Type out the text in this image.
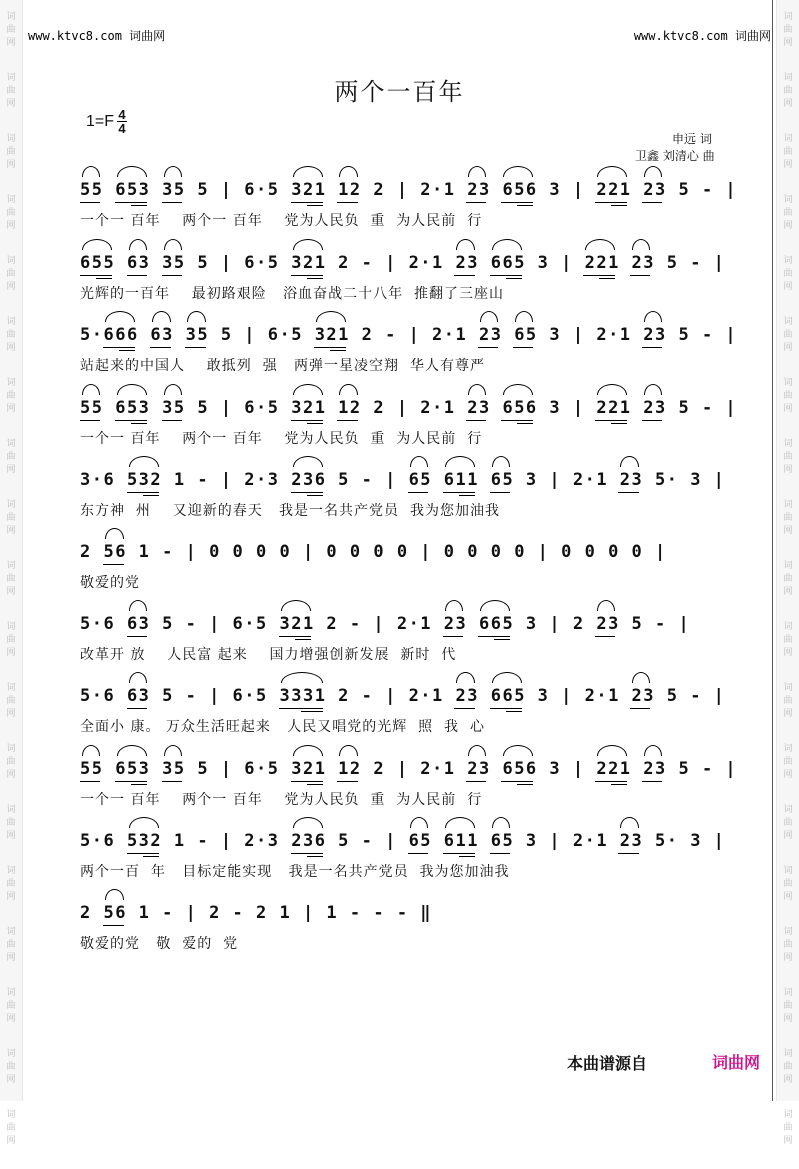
词
曲
网
词
曲
网
词
曲
网
词
曲
网
词
曲
网
词
曲
网
词
曲
网
词
曲
网
词
曲
网
词
曲
网
词
曲
网
词
曲
网
词
曲
网
词
曲
网
词
曲
网
词
曲
网
词
曲
网
词
曲
网
词
曲
网
词
曲
网
词
曲
网
词
曲
网
词
曲
网
词
曲
网
词
曲
网
词
曲
网
词
曲
网
词
曲
网
词
曲
网
词
曲
网
词
曲
网
词
曲
网
词
曲
网
词
曲
网
词
曲
网
词
曲
网
词
曲
网
词
曲
网
www.ktvc8.com 词曲网	www.ktvc8.com 词曲网
两个一百年
1=F 4
4
申远 词
卫鑫 刘清心 曲
55 653 35 5 | 6·5 321 12 2 | 2·1 23 656 3 | 221 23 5 - |
一个一 百年    两个一 百年    党为人民负  重  为人民前  行
655 63 35 5 | 6·5 321 2 - | 2·1 23 665 3 | 221 23 5 - |
光辉的一百年    最初路艰险   浴血奋战二十八年  推翻了三座山
5·666 63 35 5 | 6·5 321 2 - | 2·1 23 65 3 | 2·1 23 5 - |
站起来的中国人    敢抵列  强   两弹一星凌空翔  华人有尊严
55 653 35 5 | 6·5 321 12 2 | 2·1 23 656 3 | 221 23 5 - |
一个一 百年    两个一 百年    党为人民负  重  为人民前  行
3·6 532 1 - | 2·3 236 5 - | 65 611 65 3 | 2·1 23 5· 3 |
东方神  州    又迎新的春天   我是一名共产党员  我为您加油我
2 56 1 - | 0 0 0 0 | 0 0 0 0 | 0 0 0 0 | 0 0 0 0 |
敬爱的党
5·6 63 5 - | 6·5 321 2 - | 2·1 23 665 3 | 2 23 5 - |
改革开 放    人民富 起来    国力增强创新发展  新时  代
5·6 63 5 - | 6·5 3331 2 - | 2·1 23 665 3 | 2·1 23 5 - |
全面小 康。 万众生活旺起来   人民又唱党的光辉  照  我  心
55 653 35 5 | 6·5 321 12 2 | 2·1 23 656 3 | 221 23 5 - |
一个一 百年    两个一 百年    党为人民负  重  为人民前  行
5·6 532 1 - | 2·3 236 5 - | 65 611 65 3 | 2·1 23 5· 3 |
两个一百  年   目标定能实现   我是一名共产党员  我为您加油我
2 56 1 - | 2 - 2 1 | 1 - - - ‖
敬爱的党   敬  爱的  党
本曲谱源自	词曲网
